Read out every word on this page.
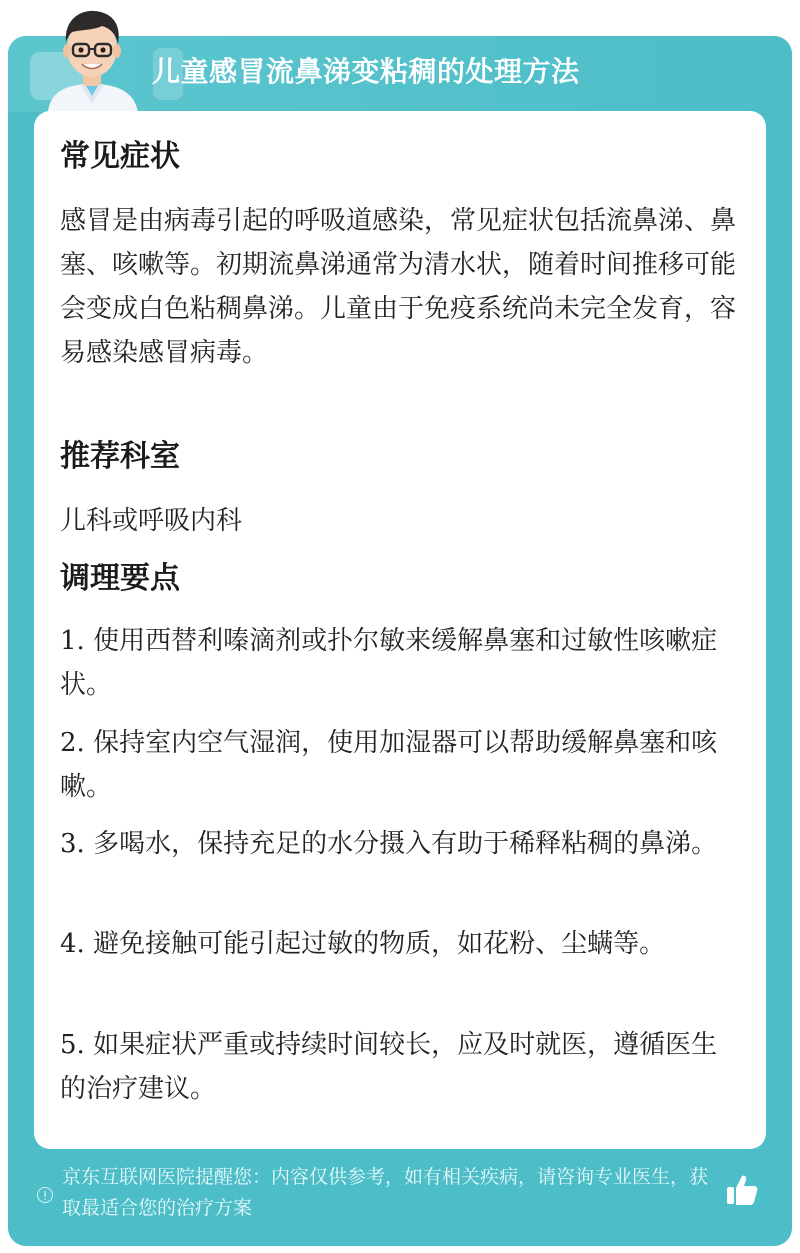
儿童感冒流鼻涕变粘稠的处理方法
常见症状
感冒是由病毒引起的呼吸道感染，常见症状包括流鼻涕、鼻塞、咳嗽等。初期流鼻涕通常为清水状，随着时间推移可能会变成白色粘稠鼻涕。儿童由于免疫系统尚未完全发育，容易感染感冒病毒。
推荐科室
儿科或呼吸内科
调理要点
1. 使用西替利嗪滴剂或扑尔敏来缓解鼻塞和过敏性咳嗽症状。
2. 保持室内空气湿润，使用加湿器可以帮助缓解鼻塞和咳嗽。
3. 多喝水，保持充足的水分摄入有助于稀释粘稠的鼻涕。
4. 避免接触可能引起过敏的物质，如花粉、尘螨等。
5. 如果症状严重或持续时间较长，应及时就医，遵循医生的治疗建议。
!
京东互联网医院提醒您：内容仅供参考，如有相关疾病，请咨询专业医生，获取最适合您的治疗方案
